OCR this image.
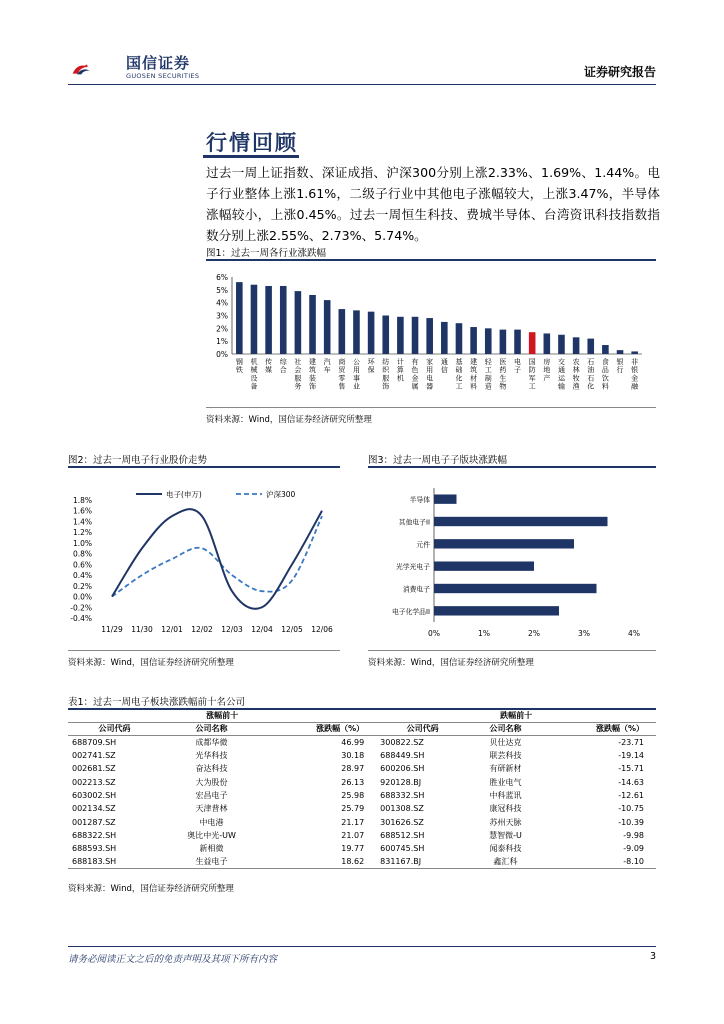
国信证券
GUOSEN SECURITIES	证券研究报告
行情回顾
过去一周上证指数、深证成指、沪深300分别上涨2.33%、1.69%、1.44%。电子行业整体上涨1.61%，二级子行业中其他电子涨幅较大，上涨3.47%，半导体涨幅较小，上涨0.45%。过去一周恒生科技、费城半导体、台湾资讯科技指数指数分别上涨2.55%、2.73%、5.74%。
图1：过去一周各行业涨跌幅
0%
1%
2%
3%
4%
5%
6%
钢铁
机械设备
传媒
综合
社会服务
建筑装饰
汽车
商贸零售
公用事业
环保
纺织服饰
计算机
有色金属
家用电器
通信
基础化工
建筑材料
轻工制造
医药生物
电子
国防军工
房地产
交通运输
农林牧渔
石油石化
食品饮料
银行
非银金融
资料来源：Wind，国信证券经济研究所整理
图2：过去一周电子行业股价走势
1.8%
1.6%
1.4%
1.2%
1.0%
0.8%
0.6%
0.4%
0.2%
0.0%
-0.2%
-0.4%
11/29 11/30 12/01 12/02 12/03 12/04 12/05 12/06
电子(申万)	沪深300
资料来源：Wind，国信证券经济研究所整理
图3：过去一周电子子版块涨跌幅
0%	1%	2%	3%	4%
半导体
其他电子II
元件
光学光电子
消费电子
电子化学品II
资料来源：Wind，国信证券经济研究所整理
表1：过去一周电子板块涨跌幅前十名公司
涨幅前十			跌幅前十		
公司代码	公司名称	涨跌幅（%）	公司代码	公司名称	涨跌幅（%）
688709.SH	成都华微	46.99	300822.SZ	贝仕达克	-23.71
002741.SZ	光华科技	30.18	688449.SH	联芸科技	-19.14
002681.SZ	奋达科技	28.97	600206.SH	有研新材	-15.71
002213.SZ	大为股份	26.13	920128.BJ	胜业电气	-14.63
603002.SH	宏昌电子	25.98	688332.SH	中科蓝讯	-12.61
002134.SZ	天津普林	25.79	001308.SZ	康冠科技	-10.75
001287.SZ	中电港	21.17	301626.SZ	苏州天脉	-10.39
688322.SH	奥比中光-UW	21.07	688512.SH	慧智微-U	-9.98
688593.SH	新相微	19.77	600745.SH	闻泰科技	-9.09
688183.SH	生益电子	18.62	831167.BJ	鑫汇科	-8.10
资料来源：Wind，国信证券经济研究所整理
请务必阅读正文之后的免责声明及其项下所有内容	3
